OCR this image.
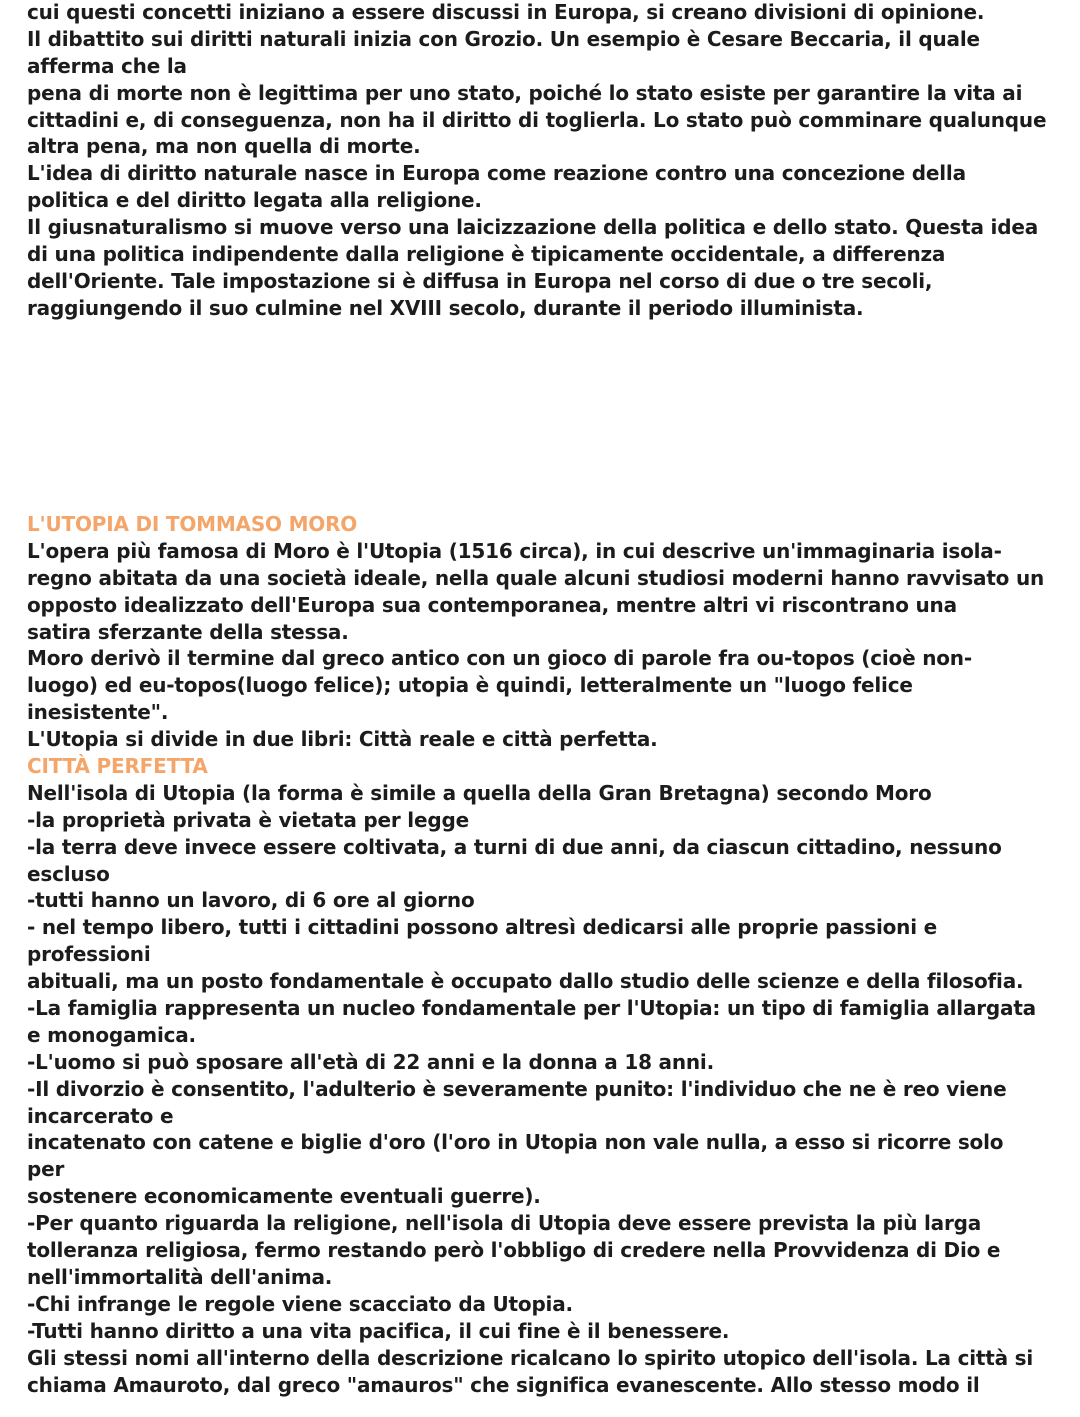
cui questi concetti iniziano a essere discussi in Europa, si creano divisioni di opinione.
Il dibattito sui diritti naturali inizia con Grozio. Un esempio è Cesare Beccaria, il quale
afferma che la
pena di morte non è legittima per uno stato, poiché lo stato esiste per garantire la vita ai
cittadini e, di conseguenza, non ha il diritto di toglierla. Lo stato può comminare qualunque
altra pena, ma non quella di morte.
L'idea di diritto naturale nasce in Europa come reazione contro una concezione della
politica e del diritto legata alla religione.
Il giusnaturalismo si muove verso una laicizzazione della politica e dello stato. Questa idea
di una politica indipendente dalla religione è tipicamente occidentale, a differenza
dell'Oriente. Tale impostazione si è diffusa in Europa nel corso di due o tre secoli,
raggiungendo il suo culmine nel XVIII secolo, durante il periodo illuminista.
L'UTOPIA DI TOMMASO MORO
L'opera più famosa di Moro è l'Utopia (1516 circa), in cui descrive un'immaginaria isola-
regno abitata da una società ideale, nella quale alcuni studiosi moderni hanno ravvisato un
opposto idealizzato dell'Europa sua contemporanea, mentre altri vi riscontrano una
satira sferzante della stessa.
Moro derivò il termine dal greco antico con un gioco di parole fra ou-topos (cioè non-
luogo) ed eu-topos(luogo felice); utopia è quindi, letteralmente un "luogo felice
inesistente".
L'Utopia si divide in due libri: Città reale e città perfetta.
CITTÀ PERFETTA
Nell'isola di Utopia (la forma è simile a quella della Gran Bretagna) secondo Moro
-la proprietà privata è vietata per legge
-la terra deve invece essere coltivata, a turni di due anni, da ciascun cittadino, nessuno
escluso
-tutti hanno un lavoro, di 6 ore al giorno
- nel tempo libero, tutti i cittadini possono altresì dedicarsi alle proprie passioni e
professioni
abituali, ma un posto fondamentale è occupato dallo studio delle scienze e della filosofia.
-La famiglia rappresenta un nucleo fondamentale per l'Utopia: un tipo di famiglia allargata
e monogamica.
-L'uomo si può sposare all'età di 22 anni e la donna a 18 anni.
-Il divorzio è consentito, l'adulterio è severamente punito: l'individuo che ne è reo viene
incarcerato e
incatenato con catene e biglie d'oro (l'oro in Utopia non vale nulla, a esso si ricorre solo
per
sostenere economicamente eventuali guerre).
-Per quanto riguarda la religione, nell'isola di Utopia deve essere prevista la più larga
tolleranza religiosa, fermo restando però l'obbligo di credere nella Provvidenza di Dio e
nell'immortalità dell'anima.
-Chi infrange le regole viene scacciato da Utopia.
-Tutti hanno diritto a una vita pacifica, il cui fine è il benessere.
Gli stessi nomi all'interno della descrizione ricalcano lo spirito utopico dell'isola. La città si
chiama Amauroto, dal greco "amauros" che significa evanescente. Allo stesso modo il
